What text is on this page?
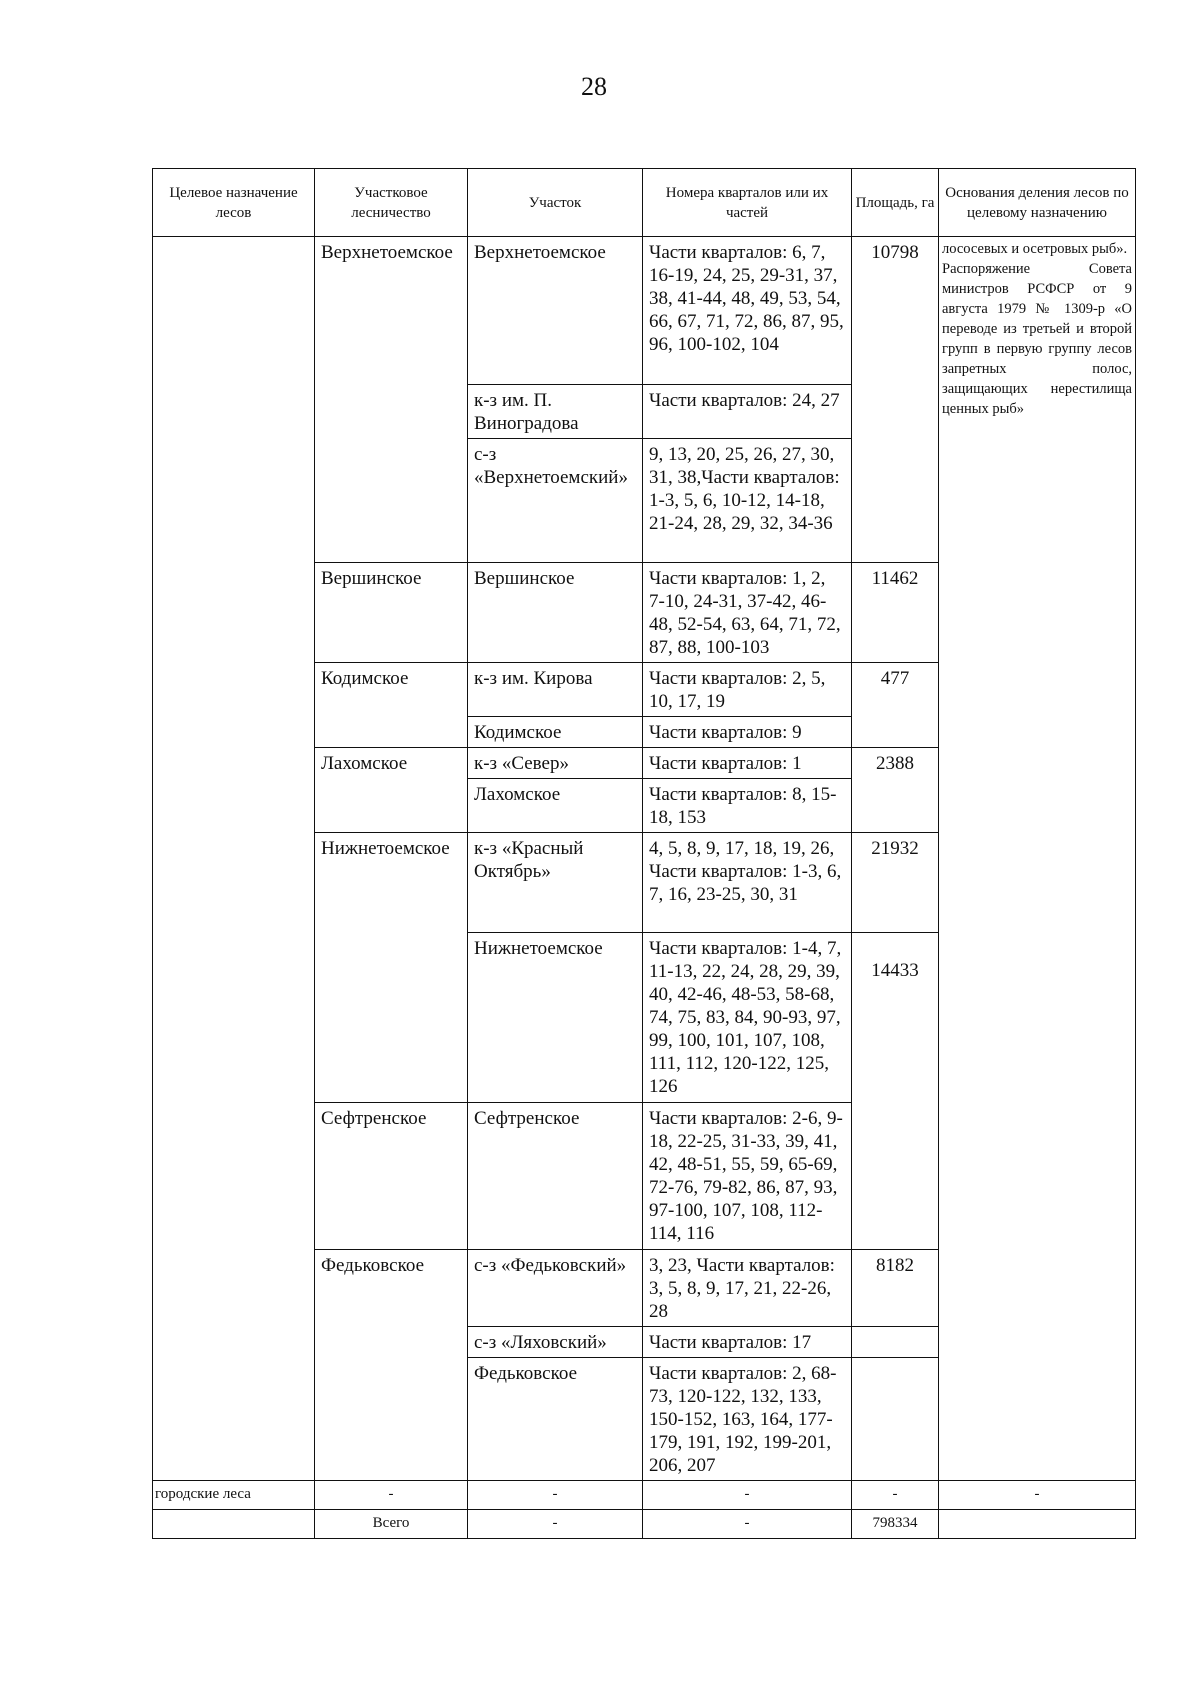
28
Целевое назначение лесов	Участковое лесничество	Участок	Номера кварталов или их частей	Площадь, га	Основания деления лесов по целевому назначению
	Верхнетоемское	Верхнетоемское	Части кварталов: 6, 7, 16-19, 24, 25, 29-31, 37, 38, 41-44, 48, 49, 53, 54, 66, 67, 71, 72, 86, 87, 95, 96, 100-102, 104	10798	лососевых и осетровых рыб».

Распоряжение Совета министров РСФСР от 9 августа 1979 № 1309-р «О переводе из третьей и второй групп в первую группу лесов запретных полос, защищающих нерестилища ценных рыб»

		к-з им. П. Виноградова	Части кварталов: 24, 27		
		с-з «Верхнетоемский»	9, 13, 20, 25, 26, 27, 30, 31, 38,Части кварталов: 1-3, 5, 6, 10-12, 14-18, 21-24, 28, 29, 32, 34-36		
	Вершинское	Вершинское	Части кварталов: 1, 2, 7-10, 24-31, 37-42, 46-48, 52-54, 63, 64, 71, 72, 87, 88, 100-103	11462	
	Кодимское	к-з им. Кирова	Части кварталов: 2, 5, 10, 17, 19	477	
		Кодимское	Части кварталов: 9		
	Лахомское	к-з «Север»	Части кварталов: 1	2388	
		Лахомское	Части кварталов: 8, 15-18, 153		
	Нижнетоемское	к-з «Красный Октябрь»	4, 5, 8, 9, 17, 18, 19, 26, Части кварталов: 1-3, 6, 7, 16, 23-25, 30, 31	21932	
		Нижнетоемское	Части кварталов: 1-4, 7, 11-13, 22, 24, 28, 29, 39, 40, 42-46, 48-53, 58-68, 74, 75, 83, 84, 90-93, 97, 99, 100, 101, 107, 108, 111, 112, 120-122, 125, 126	14433	
	Сефтренское	Сефтренское	Части кварталов: 2-6, 9-18, 22-25, 31-33, 39, 41, 42, 48-51, 55, 59, 65-69, 72-76, 79-82, 86, 87, 93, 97-100, 107, 108, 112-114, 116		
	Федьковское	с-з «Федьковский»	3, 23, Части кварталов: 3, 5, 8, 9, 17, 21, 22-26, 28	8182	
		с-з «Ляховский»	Части кварталов: 17		
		Федьковское	Части кварталов: 2, 68-73, 120-122, 132, 133, 150-152, 163, 164, 177-179, 191, 192, 199-201, 206, 207		
городские леса	-	-	-	-	-
	Всего	-	-	798334	
